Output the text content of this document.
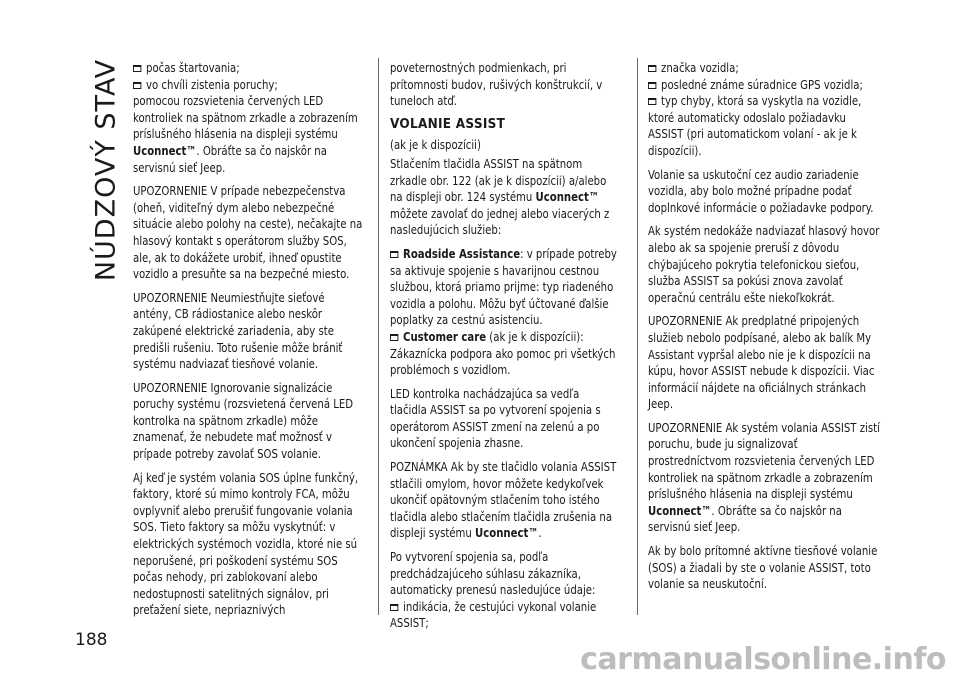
NÚDZOVÝ STAV
188

počas štartovania;
vo chvíli zistenia poruchy;

pomocou rozsvietenia červených LED kontroliek na spätnom zrkadle a zobrazením príslušného hlásenia na displeji systému Uconnect™. Obráťte sa čo najskôr na servisnú sieť Jeep.

UPOZORNENIE V prípade nebezpečenstva (oheň, viditeľný dym alebo nebezpečné situácie alebo polohy na ceste), nečakajte na hlasový kontakt s operátorom služby SOS, ale, ak to dokážete urobiť, ihneď opustite vozidlo a presuňte sa na bezpečné miesto.

UPOZORNENIE Neumiestňujte sieťové antény, CB rádiostanice alebo neskôr zakúpené elektrické zariadenia, aby ste predišli rušeniu. Toto rušenie môže brániť systému nadviazať tiesňové volanie.

UPOZORNENIE Ignorovanie signalizácie poruchy systému (rozsvietená červená LED kontrolka na spätnom zrkadle) môže znamenať, že nebudete mať možnosť v prípade potreby zavolať SOS volanie.

Aj keď je systém volania SOS úplne funkčný, faktory, ktoré sú mimo kontroly FCA, môžu ovplyvniť alebo prerušiť fungovanie volania SOS. Tieto faktory sa môžu vyskytnúť: v elektrických systémoch vozidla, ktoré nie sú neporušené, pri poškodení systému SOS počas nehody, pri zablokovaní alebo nedostupnosti satelitných signálov, pri preťažení siete, nepriaznivých

poveternostných podmienkach, pri prítomnosti budov, rušivých konštrukcií, v tuneloch atď.

VOLANIE ASSIST

(ak je k dispozícii)

Stlačením tlačidla ASSIST na spätnom zrkadle obr. 122 (ak je k dispozícii) a/alebo na displeji obr. 124 systému Uconnect™ môžete zavolať do jednej alebo viacerých z nasledujúcich služieb:

Roadside Assistance: v prípade potreby sa aktivuje spojenie s havarijnou cestnou službou, ktorá priamo prijme: typ riadeného vozidla a polohu. Môžu byť účtované ďalšie poplatky za cestnú asistenciu.
Customer care (ak je k dispozícii): Zákaznícka podpora ako pomoc pri všetkých problémoch s vozidlom.

LED kontrolka nachádzajúca sa vedľa tlačidla ASSIST sa po vytvorení spojenia s operátorom ASSIST zmení na zelenú a po ukončení spojenia zhasne.

POZNÁMKA Ak by ste tlačidlo volania ASSIST stlačili omylom, hovor môžete kedykoľvek ukončiť opätovným stlačením toho istého tlačidla alebo stlačením tlačidla zrušenia na displeji systému Uconnect™.

Po vytvorení spojenia sa, podľa predchádzajúceho súhlasu zákazníka, automaticky prenesú nasledujúce údaje:

indikácia, že cestujúci vykonal volanie ASSIST;

značka vozidla;
posledné známe súradnice GPS vozidla;
typ chyby, ktorá sa vyskytla na vozidle, ktoré automaticky odoslalo požiadavku ASSIST (pri automatickom volaní - ak je k dispozícii).

Volanie sa uskutoční cez audio zariadenie vozidla, aby bolo možné prípadne podať doplnkové informácie o požiadavke podpory.

Ak systém nedokáže nadviazať hlasový hovor alebo ak sa spojenie preruší z dôvodu chýbajúceho pokrytia telefonickou sieťou, služba ASSIST sa pokúsi znova zavolať operačnú centrálu ešte niekoľkokrát.

UPOZORNENIE Ak predplatné pripojených služieb nebolo podpísané, alebo ak balík My Assistant vypršal alebo nie je k dispozícii na kúpu, hovor ASSIST nebude k dispozícii. Viac informácií nájdete na oficiálnych stránkach Jeep.

UPOZORNENIE Ak systém volania ASSIST zistí poruchu, bude ju signalizovať prostredníctvom rozsvietenia červených LED kontroliek na spätnom zrkadle a zobrazením príslušného hlásenia na displeji systému Uconnect™. Obráťte sa čo najskôr na servisnú sieť Jeep.

Ak by bolo prítomné aktívne tiesňové volanie (SOS) a žiadali by ste o volanie ASSIST, toto volanie sa neuskutoční.

carmanualsonline.info
